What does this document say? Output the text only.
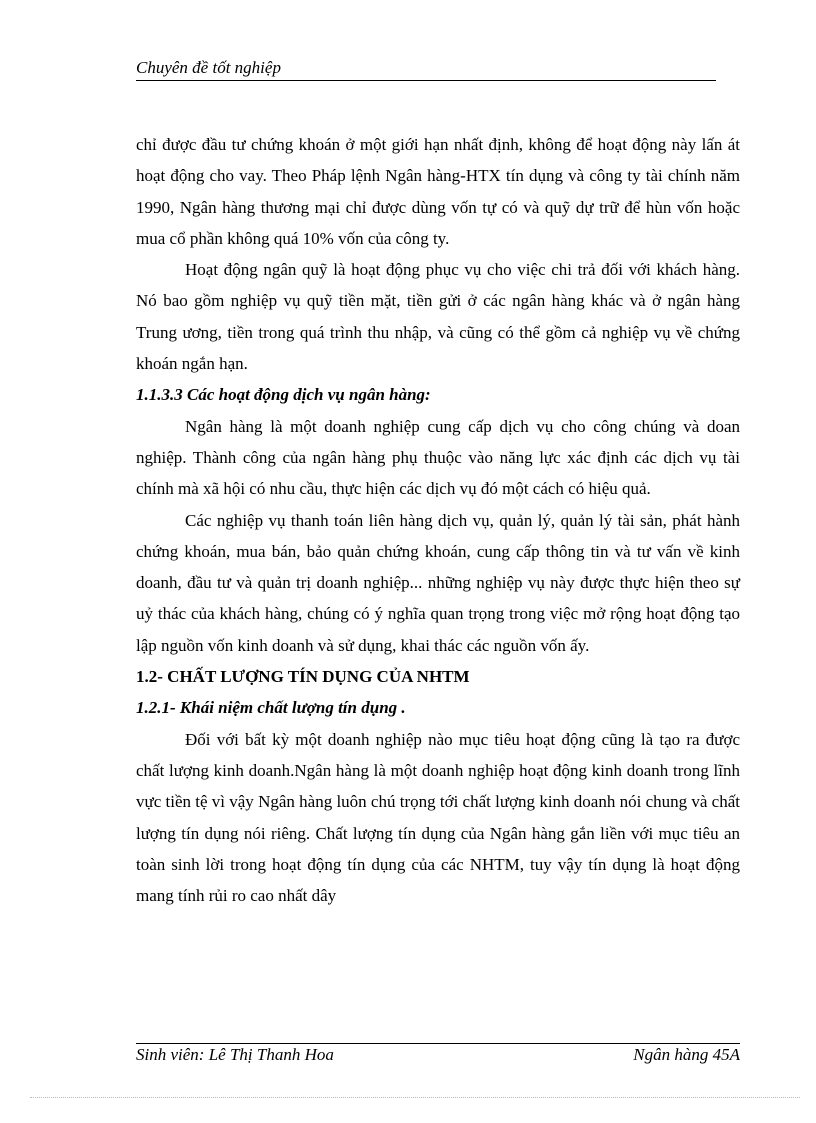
Chuyên đề tốt nghiệp

chỉ được đầu tư chứng khoán ở một giới hạn nhất định, không để hoạt động này lấn át hoạt động cho vay. Theo Pháp lệnh Ngân hàng-HTX tín dụng và công ty tài chính năm 1990, Ngân hàng thương mại chỉ được dùng vốn tự có và quỹ dự trữ để hùn vốn hoặc mua cổ phần không quá 10% vốn của công ty.

Hoạt động ngân quỹ là hoạt động phục vụ cho việc chi trả đối với khách hàng. Nó bao gồm nghiệp vụ quỹ tiền mặt, tiền gửi ở các ngân hàng khác và ở ngân hàng Trung ương, tiền trong quá trình thu nhập, và cũng có thể gồm cả nghiệp vụ về chứng khoán ngắn hạn.

1.1.3.3 Các hoạt động dịch vụ ngân hàng:

Ngân hàng là một doanh nghiệp cung cấp dịch vụ cho công chúng và doan nghiệp. Thành công của ngân hàng phụ thuộc vào năng lực xác định các dịch vụ tài chính mà xã hội có nhu cầu, thực hiện các dịch vụ đó một cách có hiệu quả.

Các nghiệp vụ thanh toán liên hàng dịch vụ, quản lý, quản lý tài sản, phát hành chứng khoán, mua bán, bảo quản chứng khoán, cung cấp thông tin và tư vấn về kinh doanh, đầu tư và quản trị doanh nghiệp... những nghiệp vụ này được thực hiện theo sự uỷ thác của khách hàng, chúng có ý nghĩa quan trọng trong việc mở rộng hoạt động tạo lập nguồn vốn kinh doanh và sử dụng, khai thác các nguồn vốn ấy.

1.2- CHẤT LƯỢNG TÍN DỤNG CỦA NHTM

1.2.1- Khái niệm chất lượng tín dụng .

Đối với bất kỳ một doanh nghiệp nào mục tiêu hoạt động cũng là tạo ra được chất lượng kinh doanh.Ngân hàng là một doanh nghiệp hoạt động kinh doanh trong lĩnh vực tiền tệ vì vậy Ngân hàng luôn chú trọng tới chất lượng kinh doanh nói chung và chất lượng tín dụng nói riêng. Chất lượng tín dụng của Ngân hàng gắn liền với mục tiêu an toàn sinh lời trong hoạt động tín dụng của các NHTM, tuy vậy tín dụng là hoạt động mang tính rủi ro cao nhất dây

Sinh viên: Lê Thị Thanh Hoa	Ngân hàng 45A
